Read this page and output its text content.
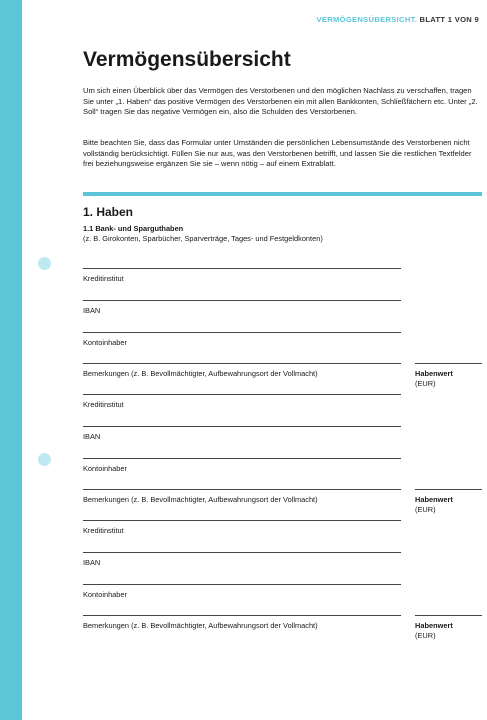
VERMÖGENSÜBERSICHT. BLATT 1 VON 9
Vermögensübersicht

Um sich einen Überblick über das Vermögen des Verstorbenen und den möglichen Nachlass zu verschaffen, tragen Sie unter „1. Haben“ das positive Vermögen des Verstorbenen ein mit allen Bankkonten, Schließfächern etc. Unter „2. Soll“ tragen Sie das negative Vermögen ein, also die Schulden des Verstorbenen.

Bitte beachten Sie, dass das Formular unter Umständen die persönlichen Lebensumstände des Verstorbenen nicht vollständig berücksichtigt. Füllen Sie nur aus, was den Verstorbenen betrifft, und lassen Sie die restlichen Textfelder frei beziehungsweise ergänzen Sie sie – wenn nötig – auf einem Extrablatt.

1. Haben

1.1 Bank- und Sparguthaben

(z. B. Girokonten, Sparbücher, Sparverträge, Tages- und Festgeldkonten)

Kreditinstitut
IBAN
Kontoinhaber
Bemerkungen (z. B. Bevollmächtigter, Aufbewahrungsort der Vollmacht)	Habenwert
(EUR)
Kreditinstitut
IBAN
Kontoinhaber
Bemerkungen (z. B. Bevollmächtigter, Aufbewahrungsort der Vollmacht)	Habenwert
(EUR)
Kreditinstitut
IBAN
Kontoinhaber
Bemerkungen (z. B. Bevollmächtigter, Aufbewahrungsort der Vollmacht)	Habenwert
(EUR)
